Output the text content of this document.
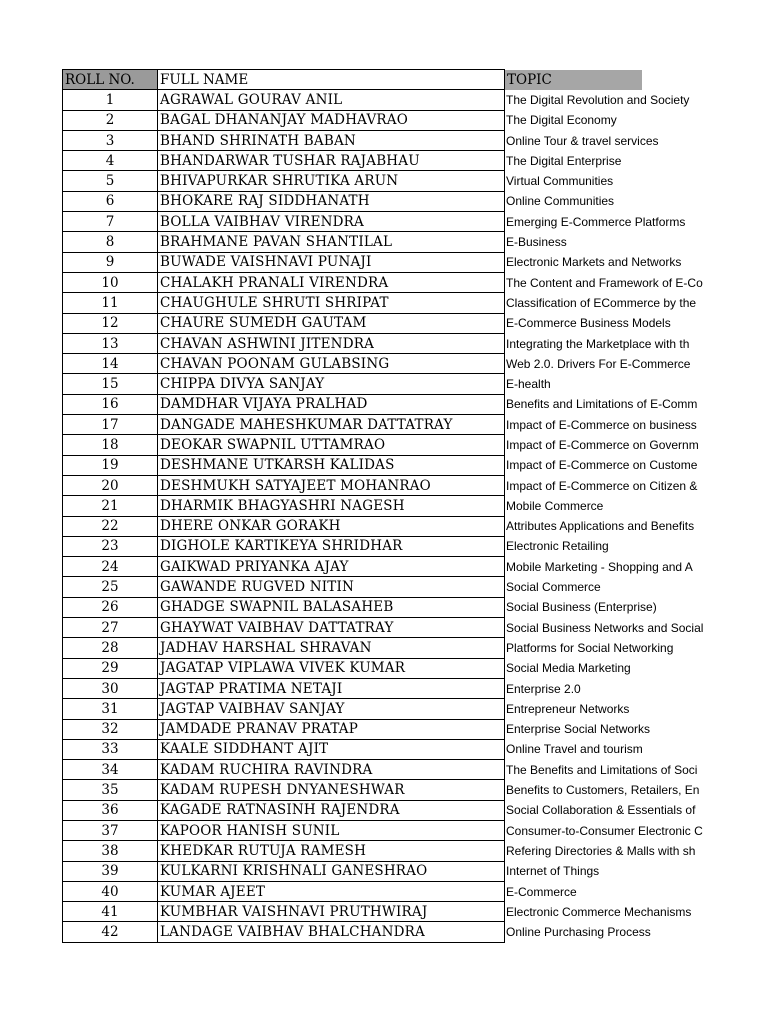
ROLL NO.	FULL NAME	TOPIC

1	AGRAWAL GOURAV ANIL	The Digital Revolution and Society
2	BAGAL DHANANJAY MADHAVRAO	The Digital Economy
3	BHAND SHRINATH BABAN	Online Tour & travel services
4	BHANDARWAR TUSHAR RAJABHAU	The Digital Enterprise
5	BHIVAPURKAR SHRUTIKA ARUN	Virtual Communities
6	BHOKARE RAJ SIDDHANATH	Online Communities
7	BOLLA VAIBHAV VIRENDRA	Emerging E-Commerce Platforms
8	BRAHMANE PAVAN SHANTILAL	E-Business
9	BUWADE VAISHNAVI PUNAJI	Electronic Markets and Networks
10	CHALAKH PRANALI VIRENDRA	The Content and Framework of E-Co
11	CHAUGHULE SHRUTI SHRIPAT	Classification of ECommerce by the
12	CHAURE SUMEDH GAUTAM	E-Commerce Business Models
13	CHAVAN ASHWINI JITENDRA	Integrating the Marketplace with th
14	CHAVAN POONAM GULABSING	Web 2.0. Drivers For E-Commerce
15	CHIPPA DIVYA SANJAY	E-health
16	DAMDHAR VIJAYA PRALHAD	Benefits and Limitations of E-Comm
17	DANGADE MAHESHKUMAR DATTATRAY	Impact of E-Commerce on business
18	DEOKAR SWAPNIL UTTAMRAO	Impact of E-Commerce on Governm
19	DESHMANE UTKARSH KALIDAS	Impact of E-Commerce on Custome
20	DESHMUKH SATYAJEET MOHANRAO	Impact of E-Commerce on Citizen &
21	DHARMIK BHAGYASHRI NAGESH	Mobile Commerce
22	DHERE ONKAR GORAKH	Attributes Applications and Benefits
23	DIGHOLE KARTIKEYA SHRIDHAR	Electronic Retailing
24	GAIKWAD PRIYANKA AJAY	Mobile Marketing - Shopping and A
25	GAWANDE RUGVED NITIN	Social Commerce
26	GHADGE SWAPNIL BALASAHEB	Social Business (Enterprise)
27	GHAYWAT VAIBHAV DATTATRAY	Social Business Networks and Social
28	JADHAV HARSHAL SHRAVAN	Platforms for Social Networking
29	JAGATAP VIPLAWA VIVEK KUMAR	Social Media Marketing
30	JAGTAP PRATIMA NETAJI	Enterprise 2.0
31	JAGTAP VAIBHAV SANJAY	Entrepreneur Networks
32	JAMDADE PRANAV PRATAP	Enterprise Social Networks
33	KAALE SIDDHANT AJIT	Online Travel and tourism
34	KADAM RUCHIRA RAVINDRA	The Benefits and Limitations of Soci
35	KADAM RUPESH DNYANESHWAR	Benefits to Customers, Retailers, En
36	KAGADE RATNASINH RAJENDRA	Social Collaboration & Essentials of
37	KAPOOR HANISH SUNIL	Consumer-to-Consumer Electronic C
38	KHEDKAR RUTUJA RAMESH	Refering Directories & Malls with sh
39	KULKARNI KRISHNALI GANESHRAO	Internet of Things
40	KUMAR AJEET	E-Commerce
41	KUMBHAR VAISHNAVI PRUTHWIRAJ	Electronic Commerce Mechanisms
42	LANDAGE VAIBHAV BHALCHANDRA	Online Purchasing Process
